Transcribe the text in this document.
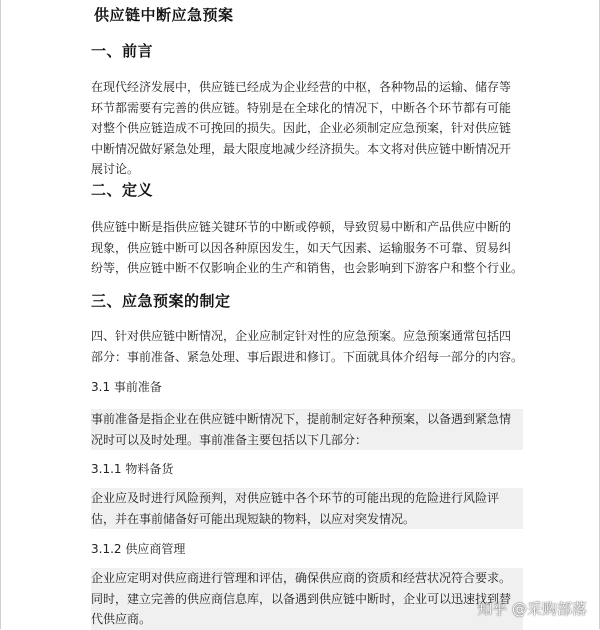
供应链中断应急预案
一、前言

在现代经济发展中，供应链已经成为企业经营的中枢，各种物品的运输、储存等
环节都需要有完善的供应链。特别是在全球化的情况下，中断各个环节都有可能
对整个供应链造成不可挽回的损失。因此，企业必须制定应急预案，针对供应链
中断情况做好紧急处理，最大限度地减少经济损失。本文将对供应链中断情况开
展讨论。

二、定义

供应链中断是指供应链关键环节的中断或停顿，导致贸易中断和产品供应中断的
现象，供应链中断可以因各种原因发生，如天气因素、运输服务不可靠、贸易纠
纷等，供应链中断不仅影响企业的生产和销售，也会影响到下游客户和整个行业。

三、应急预案的制定

四、针对供应链中断情况，企业应制定针对性的应急预案。应急预案通常包括四
部分：事前准备、紧急处理、事后跟进和修订。下面就具体介绍每一部分的内容。

3.1 事前准备

事前准备是指企业在供应链中断情况下，提前制定好各种预案，以备遇到紧急情
况时可以及时处理。事前准备主要包括以下几部分：

3.1.1 物料备货

企业应及时进行风险预判，对供应链中各个环节的可能出现的危险进行风险评
估，并在事前储备好可能出现短缺的物料，以应对突发情况。

3.1.2 供应商管理

企业应定明对供应商进行管理和评估，确保供应商的资质和经营状况符合要求。
同时，建立完善的供应商信息库，以备遇到供应链中断时，企业可以迅速找到替
代供应商。

知乎 @采购部落
